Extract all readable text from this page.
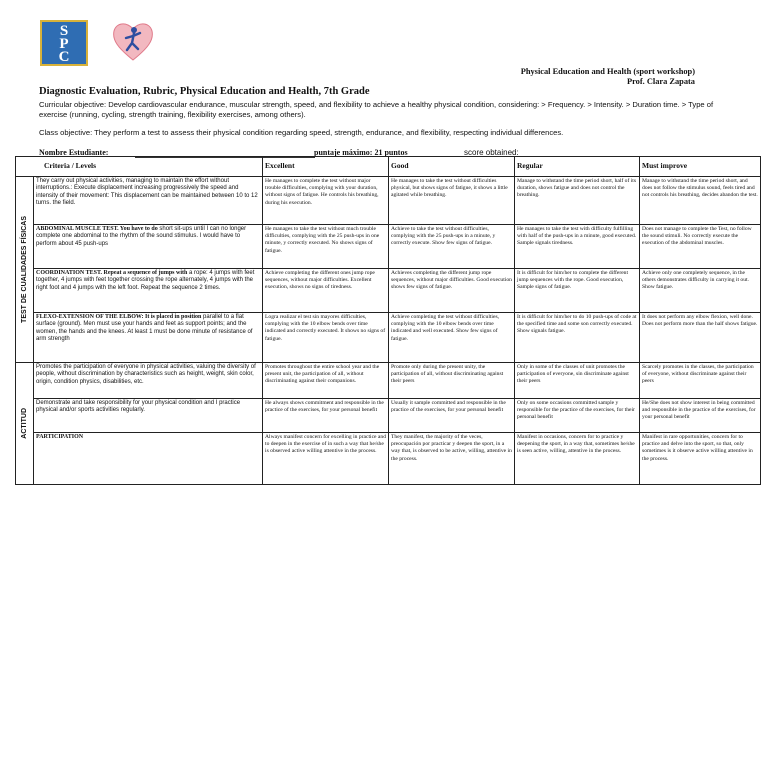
S
P
C
Physical Education and Health (sport workshop)
Prof. Clara Zapata
Diagnostic Evaluation, Rubric, Physical Education and Health, 7th Grade
Curricular objective: Develop cardiovascular endurance, muscular strength, speed, and flexibility to achieve a healthy physical condition, considering: > Frequency. > Intensity. > Duration time. > Type of exercise (running, cycling, strength training, flexibility exercises, among others).
Class objective: They perform a test to assess their physical condition regarding speed, strength, endurance, and flexibility, respecting individual differences.
Nombre Estudiante:	puntaje máximo: 21 puntos	score obtained:
Criteria / Levels		Excellent	Good	Regular	Must improve

TEST DE CUALIDADES FÍSICAS	They carry out physical activities, managing to maintain the effort without interruptions.: Execute displacement increasing progressively the speed and intensity of their movement: This displacement can be maintained between 10 to 12 turns. the field.	He manages to complete the test without major trouble difficulties, complying with your duration, without signs of fatigue. He controls his breathing, during his execution.	He manages to take the test without difficulties physical, but shows signs of fatigue, it shows a little agitated while breathing.	Manage to withstand the time period short, half of its duration, shows fatigue and does not control the breathing.	Manage to withstand the time period short, and does not follow the stimulus sound, feels tired and not controls his breathing, decides abandon the test.
	ABDOMINAL MUSCLE TEST. You have to do short sit-ups until I can no longer complete one abdominal to the rhythm of the sound stimulus. I would have to perform about 45 push-ups	He manages to take the test without much trouble difficulties, complying with the 25 push-ups in one minute, y correctly executed. No shows signs of fatigue.	Achieve to take the test without difficulties, complying with the 25 push-ups in a minute, y correctly execute. Show few signs of fatigue.	He manages to take the test with difficulty fulfilling with half of the push-ups in a minute, good executed. Sample signals tiredness.	Does not manage to complete the Test, no follow the sound stimuli. No correctly execute the execution of the abdominal muscles.
	COORDINATION TEST. Repeat a sequence of jumps with a rope: 4 jumps with feet together, 4 jumps with feet together crossing the rope alternately, 4 jumps with the right foot and 4 jumps with the left foot. Repeat the sequence 2 times.	Achieve completing the different ones jump rope sequences, without major difficulties. Excellent execution, shows no signs of tiredness.	Achieves completing the different jump rope sequences, without major difficulties. Good execution shows few signs of fatigue.	It is difficult for him/her to complete the different jump sequences with the rope. Good execution, Sample signs of fatigue.	Achieve only one completely sequence, in the others demonstrates difficulty in carrying it out. Show fatigue.
	FLEXO-EXTENSION OF THE ELBOW: It is placed in position parallel to a flat surface (ground). Men must use your hands and feet as support points; and the women, the hands and the knees. At least 1 must be done minute of resistance of arm strength	Logra realizar el test sin mayores difficulties, complying with the 10 elbow bends over time indicated and correctly executed. It shows no signs of fatigue.	Achieve completing the test without difficulties, complying with the 10 elbow bends over time indicated and well executed. Show few signs of fatigue.	It is difficult for him/her to do 10 push-ups of code at the specified time and some son correctly executed. Show signals fatigue.	It does not perform any elbow flexion, well done. Does not perform more than the half shows fatigue.

ACTITUD	Promotes the participation of everyone in physical activities, valuing the diversity of people, without discrimination by characteristics such as height, weight, skin color, origin, condition physics, disabilities, etc.	Promotes throughout the entire school year and the present unit, the participation of all, without discriminating against their companions.	Promote only during the present unity, the participation of all, without discriminating against their peers	Only in some of the classes of unit promotes the participation of everyone, sin discriminate against their peers	Scarcely promotes in the classes, the participation of everyone, without discriminate against their peers
	Demonstrate and take responsibility for your physical condition and I practice physical and/or sports activities regularly.	He always shows commitment and responsible in the practice of the exercises, for your personal benefit	Usually it sample committed and responsible in the practice of the exercises, for your personal benefit	Only on some occasions committed sample y responsible for the practice of the exercises, for their personal benefit	He/She does not show interest in being committed and responsible in the practice of the exercises, for your personal benefit
	PARTICIPATION	Always manifest concern for excelling in practice and to deepen in the exercise of in such a way that he/she is observed active willing attentive in the process.	They manifest, the majority of the veces, preocupación por practicar y deepen the sport, in a way that, is observed to be active, willing, attentive in the process.	Manifest in occasions, concern for to practice y deepening the sport, in a way that, sometimes he/she is seen active, willing, attentive in the process.	Manifest in rare opportunities, concern for to practice and delve into the sport, so that, only sometimes is it observe active willing attentive in the process.
